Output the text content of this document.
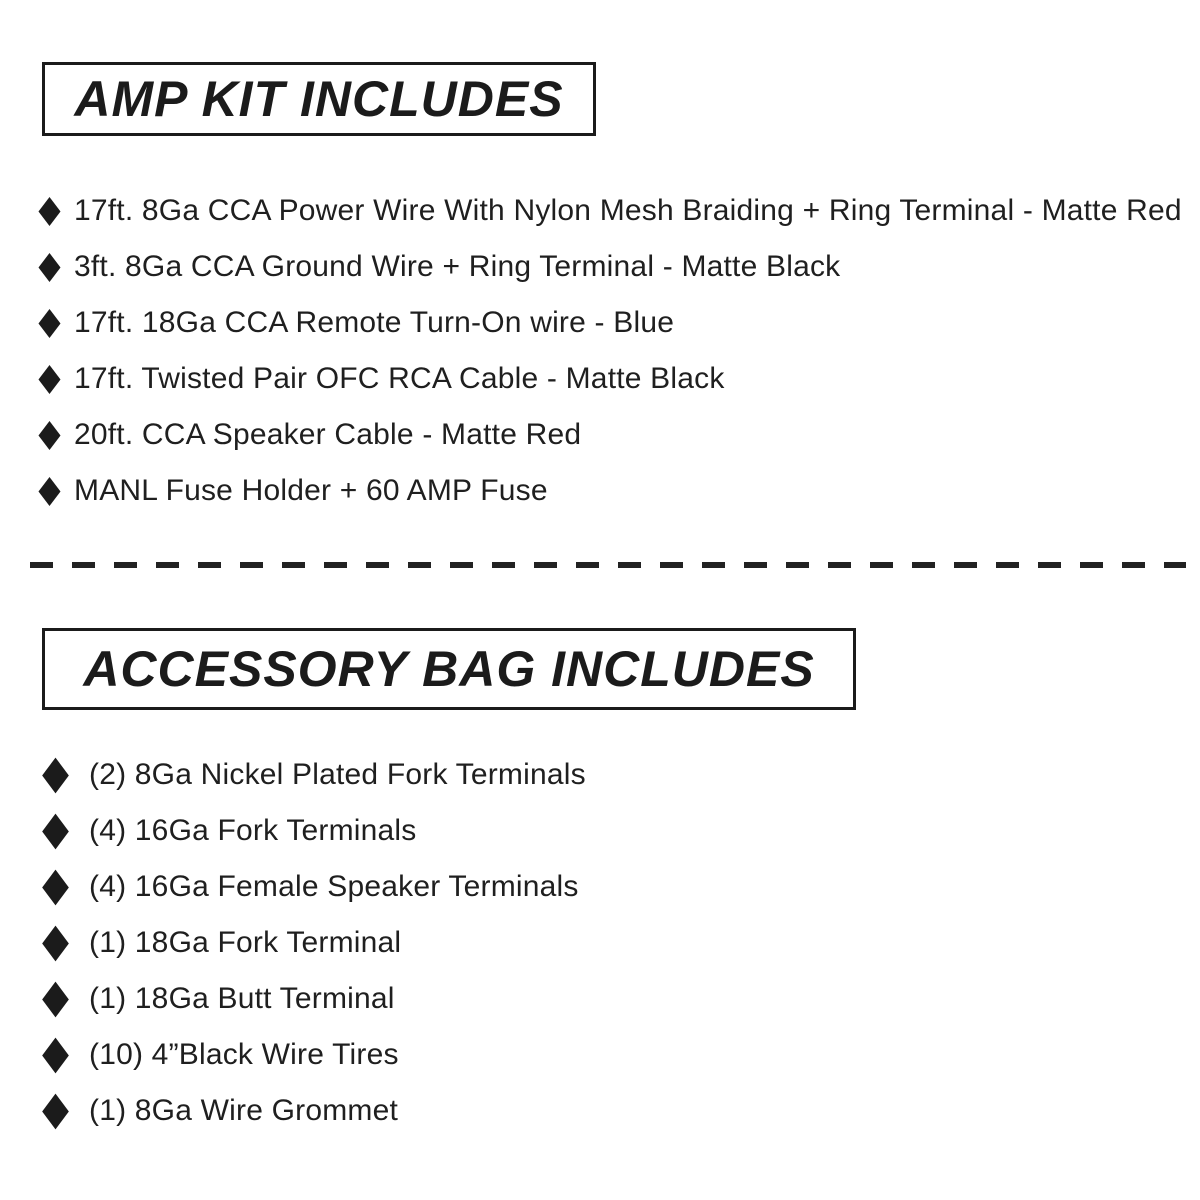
AMP KIT INCLUDES
17ft. 8Ga CCA Power Wire With Nylon Mesh Braiding + Ring Terminal - Matte Red
3ft. 8Ga CCA Ground Wire + Ring Terminal - Matte Black
17ft. 18Ga CCA Remote Turn-On wire - Blue
17ft. Twisted Pair OFC RCA Cable - Matte Black
20ft. CCA Speaker Cable - Matte Red
MANL Fuse Holder + 60 AMP Fuse
ACCESSORY BAG INCLUDES
(2) 8Ga Nickel Plated Fork Terminals
(4) 16Ga Fork Terminals
(4) 16Ga Female Speaker Terminals
(1) 18Ga Fork Terminal
(1) 18Ga Butt Terminal
(10) 4”Black Wire Tires
(1) 8Ga Wire Grommet
